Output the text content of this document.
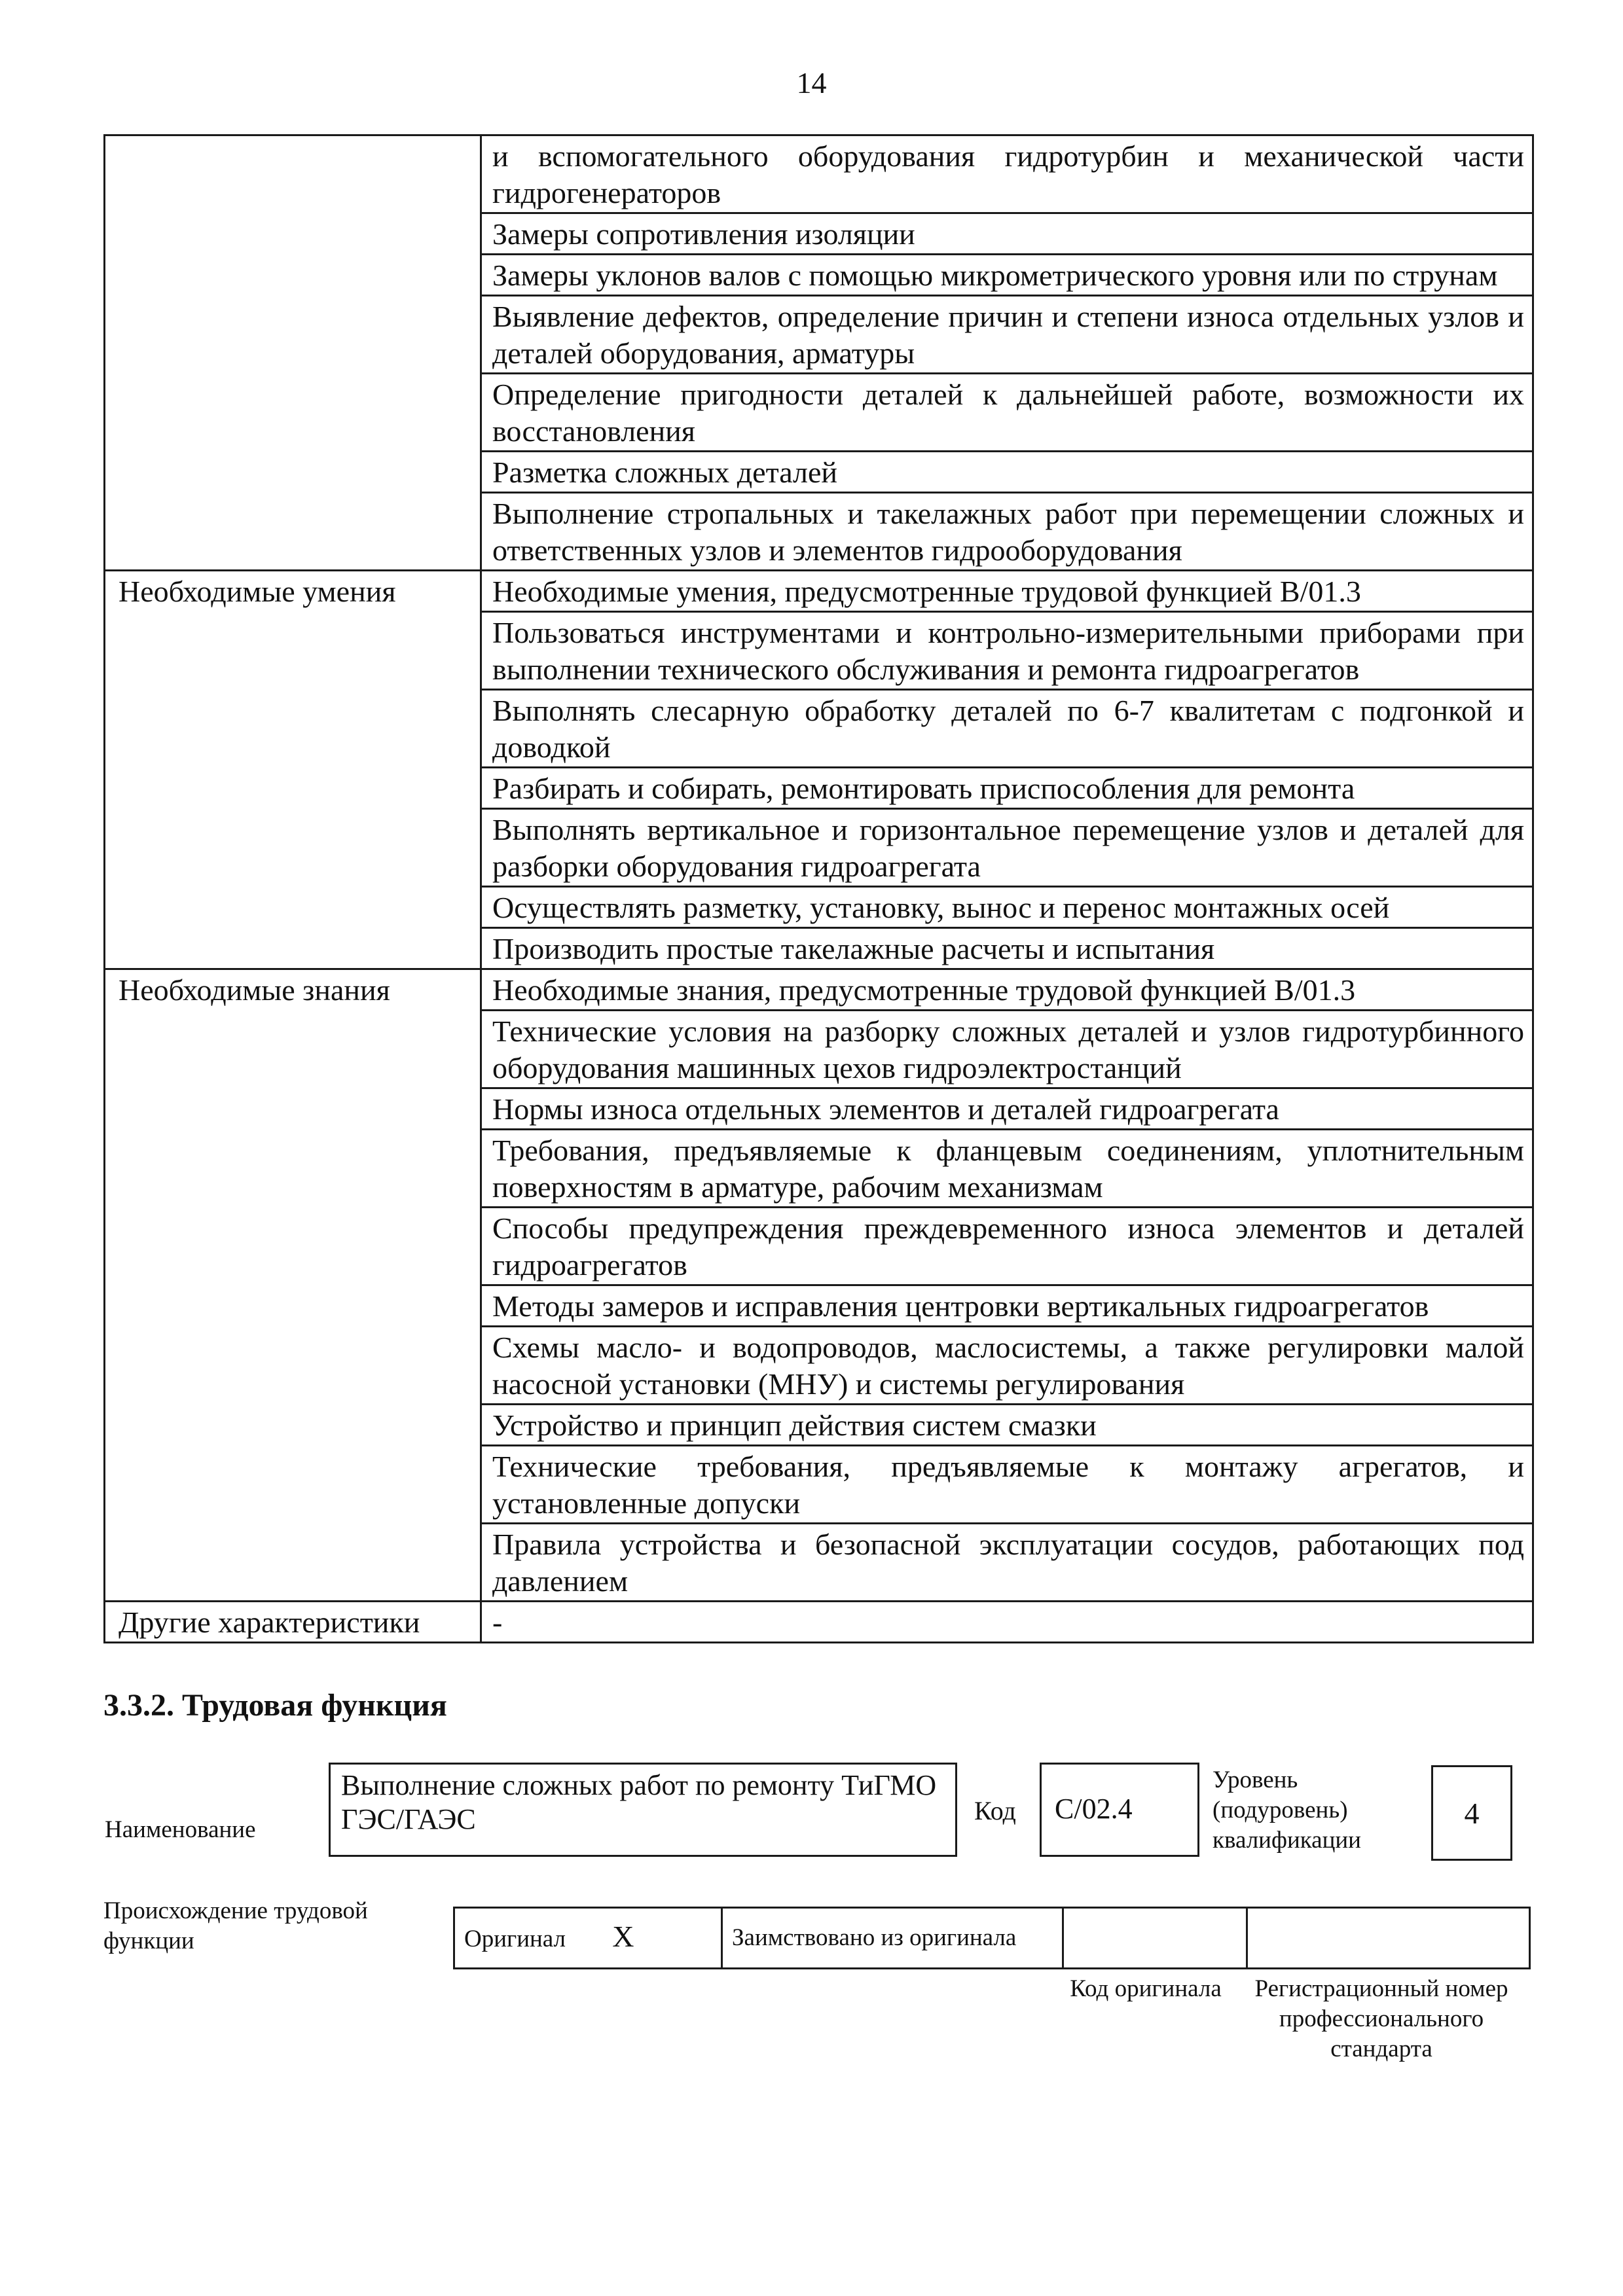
14
	и вспомогательного оборудования гидротурбин и механической части гидрогенераторов
	Замеры сопротивления изоляции
	Замеры уклонов валов с помощью микрометрического уровня или по струнам
	Выявление дефектов, определение причин и степени износа отдельных узлов и деталей оборудования, арматуры
	Определение пригодности деталей к дальнейшей работе, возможности их восстановления
	Разметка сложных деталей
	Выполнение стропальных и такелажных работ при перемещении сложных и ответственных узлов и элементов гидрооборудования
Необходимые умения	Необходимые умения, предусмотренные трудовой функцией В/01.3
	Пользоваться инструментами и контрольно-измерительными приборами при выполнении технического обслуживания и ремонта гидроагрегатов
	Выполнять слесарную обработку деталей по 6-7 квалитетам с подгонкой и доводкой
	Разбирать и собирать, ремонтировать приспособления для ремонта
	Выполнять вертикальное и горизонтальное перемещение узлов и деталей для разборки оборудования гидроагрегата
	Осуществлять разметку, установку, вынос и перенос монтажных осей
	Производить простые такелажные расчеты и испытания
Необходимые знания	Необходимые знания, предусмотренные трудовой функцией В/01.3
	Технические условия на разборку сложных деталей и узлов гидротурбинного оборудования машинных цехов гидроэлектростанций
	Нормы износа отдельных элементов и деталей гидроагрегата
	Требования, предъявляемые к фланцевым соединениям, уплотнительным поверхностям в арматуре, рабочим механизмам
	Способы предупреждения преждевременного износа элементов и деталей гидроагрегатов
	Методы замеров и исправления центровки вертикальных гидроагрегатов
	Схемы масло- и водопроводов, маслосистемы, а также регулировки малой насосной установки (МНУ) и системы регулирования
	Устройство и принцип действия систем смазки
	Технические требования, предъявляемые к монтажу агрегатов, и установленные допуски
	Правила устройства и безопасной эксплуатации сосудов, работающих под давлением
Другие характеристики	-
3.3.2. Трудовая функция
Наименование
Выполнение сложных работ по ремонту ТиГМО ГЭС/ГАЭС	Код	С/02.4
Уровень (подуровень) квалификации
4
Происхождение трудовой функции	Оригинал Х	Заимствовано из оригинала		
Код оригинала	Регистрационный номер профессионального стандарта
